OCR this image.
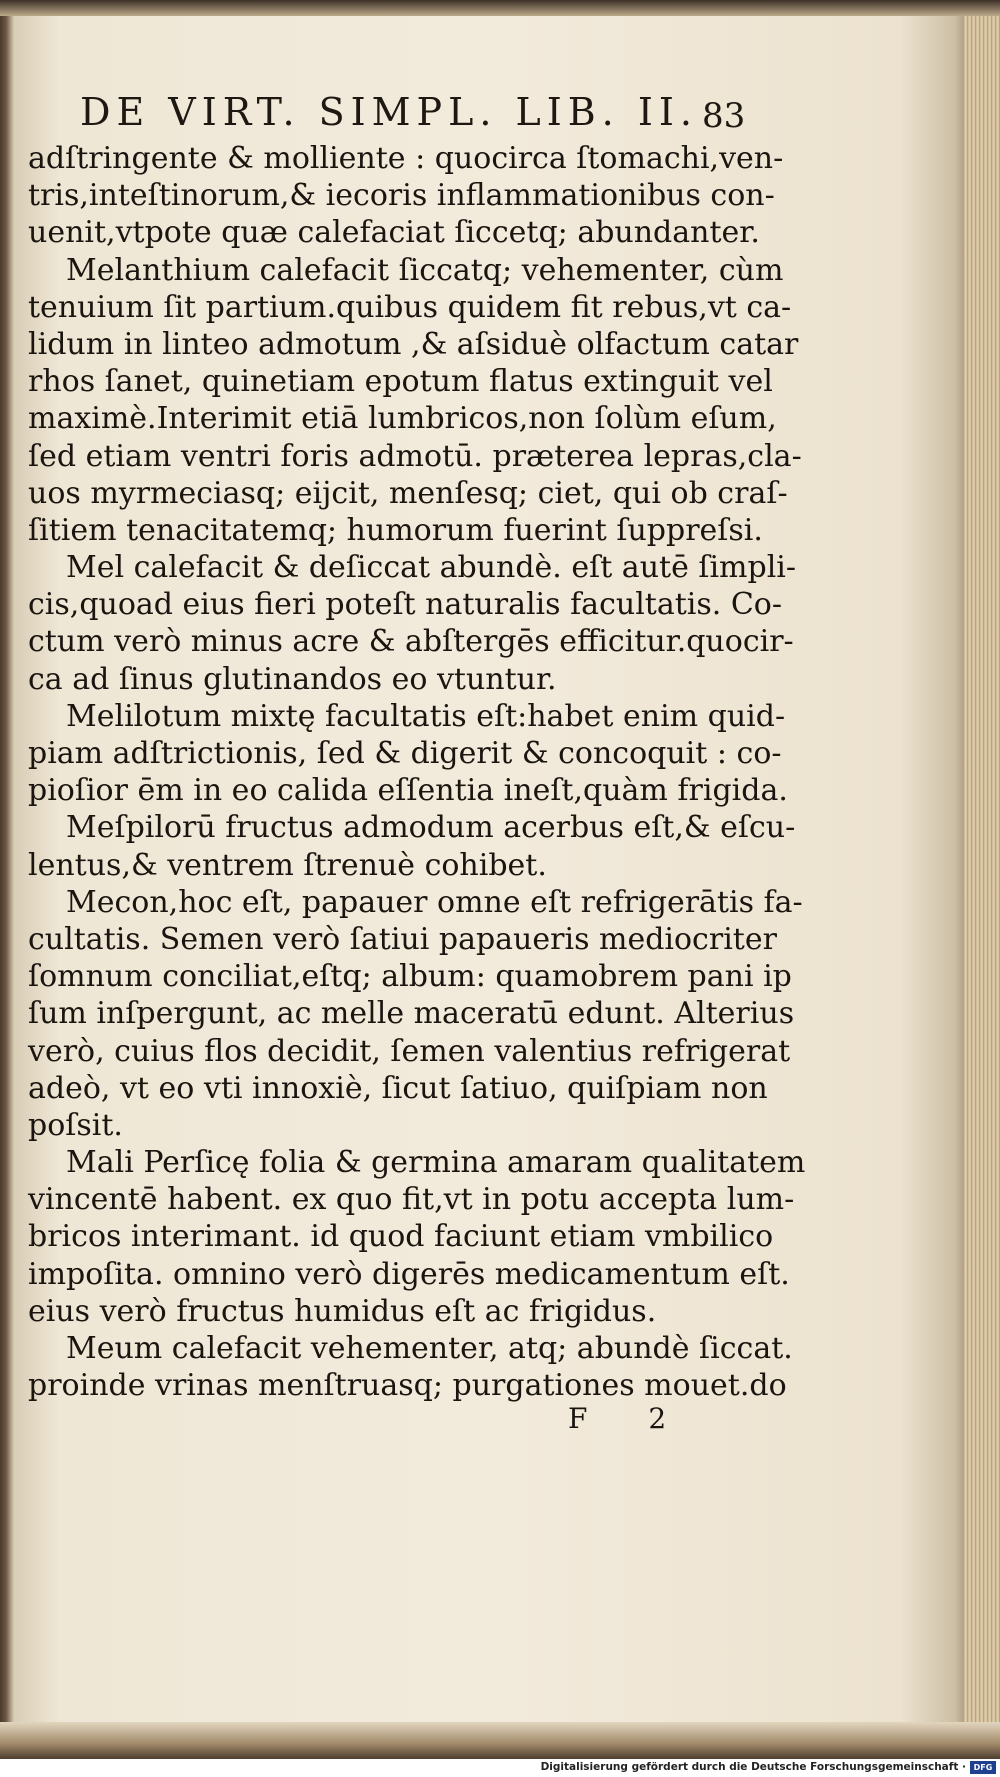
DE VIRT. SIMPL. LIB. II. 83
adſtringente & molliente : quocirca ſtomachi,ven-
tris,inteſtinorum,& iecoris inflammationibus con-
uenit,vtpote quæ calefaciat ſiccetq; abundanter.
Melanthium calefacit ſiccatq; vehementer, cùm
tenuium ſit partium.quibus quidem fit rebus,vt ca-
lidum in linteo admotum ,& aſsiduè olfactum catar
rhos ſanet, quinetiam epotum flatus extinguit vel
maximè.Interimit etiā lumbricos,non ſolùm eſum,
ſed etiam ventri foris admotū. præterea lepras,cla-
uos myrmeciasq; eijcit, menſesq; ciet, qui ob craſ-
ſitiem tenacitatemq; humorum fuerint ſuppreſsi.
Mel calefacit & deſiccat abundè. eſt autē ſimpli-
cis,quoad eius fieri poteſt naturalis facultatis. Co-
ctum verò minus acre & abſtergēs efficitur.quocir-
ca ad ſinus glutinandos eo vtuntur.
Melilotum mixtę facultatis eſt:habet enim quid-
piam adſtrictionis, ſed & digerit & concoquit : co-
pioſior ēm in eo calida eſſentia ineſt,quàm frigida.
Meſpilorū fructus admodum acerbus eſt,& eſcu-
lentus,& ventrem ſtrenuè cohibet.
Mecon,hoc eſt, papauer omne eſt refrigerātis fa-
cultatis. Semen verò ſatiui papaueris mediocriter
ſomnum conciliat,eſtq; album: quamobrem pani ip
ſum inſpergunt, ac melle maceratū edunt. Alterius
verò, cuius flos decidit, ſemen valentius refrigerat
adeò, vt eo vti innoxiè, ſicut ſatiuo, quiſpiam non
poſsit.
Mali Perſicę folia & germina amaram qualitatem
vincentē habent. ex quo fit,vt in potu accepta lum-
bricos interimant. id quod faciunt etiam vmbilico
impoſita. omnino verò digerēs medicamentum eſt.
eius verò fructus humidus eſt ac frigidus.
Meum calefacit vehementer, atq; abundè ſiccat.
proinde vrinas menſtruasq; purgationes mouet.do
F 2
Digitalisierung gefördert durch die Deutsche Forschungsgemeinschaft · DFG
